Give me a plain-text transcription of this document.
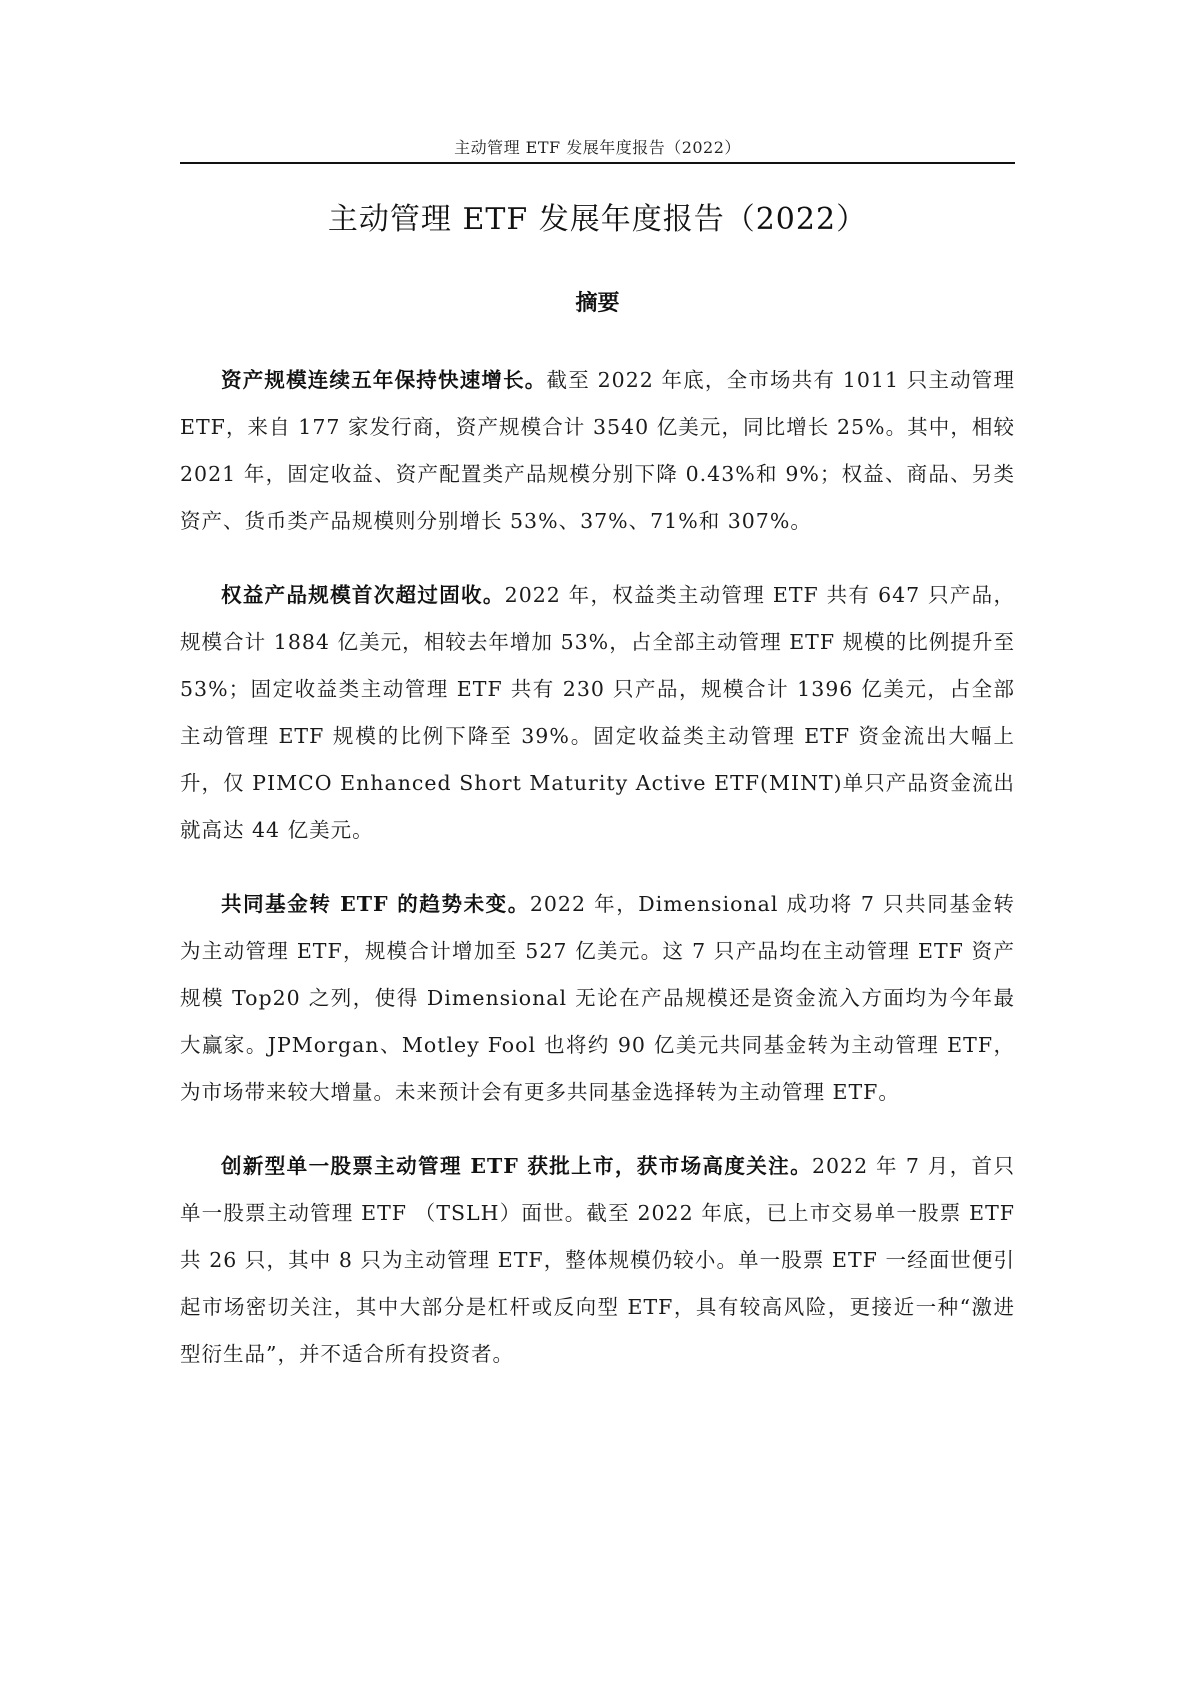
主动管理 ETF 发展年度报告（2022）
主动管理 ETF 发展年度报告（2022）
摘要

资产规模连续五年保持快速增长。截至 2022 年底，全市场共有 1011 只主动管理 ETF，来自 177 家发行商，资产规模合计 3540 亿美元，同比增长 25%。其中，相较 2021 年，固定收益、资产配置类产品规模分别下降 0.43%和 9%；权益、商品、另类资产、货币类产品规模则分别增长 53%、37%、71%和 307%。

权益产品规模首次超过固收。2022 年，权益类主动管理 ETF 共有 647 只产品，规模合计 1884 亿美元，相较去年增加 53%，占全部主动管理 ETF 规模的比例提升至 53%；固定收益类主动管理 ETF 共有 230 只产品，规模合计 1396 亿美元，占全部主动管理 ETF 规模的比例下降至 39%。固定收益类主动管理 ETF 资金流出大幅上升，仅 PIMCO Enhanced Short Maturity Active ETF(MINT)单只产品资金流出就高达 44 亿美元。

共同基金转 ETF 的趋势未变。2022 年，Dimensional 成功将 7 只共同基金转为主动管理 ETF，规模合计增加至 527 亿美元。这 7 只产品均在主动管理 ETF 资产规模 Top20 之列，使得 Dimensional 无论在产品规模还是资金流入方面均为今年最大赢家。JPMorgan、Motley Fool 也将约 90 亿美元共同基金转为主动管理 ETF，为市场带来较大增量。未来预计会有更多共同基金选择转为主动管理 ETF。

创新型单一股票主动管理 ETF 获批上市，获市场高度关注。2022 年 7 月，首只单一股票主动管理 ETF （TSLH）面世。截至 2022 年底，已上市交易单一股票 ETF 共 26 只，其中 8 只为主动管理 ETF，整体规模仍较小。单一股票 ETF 一经面世便引起市场密切关注，其中大部分是杠杆或反向型 ETF，具有较高风险，更接近一种“激进型衍生品”，并不适合所有投资者。
